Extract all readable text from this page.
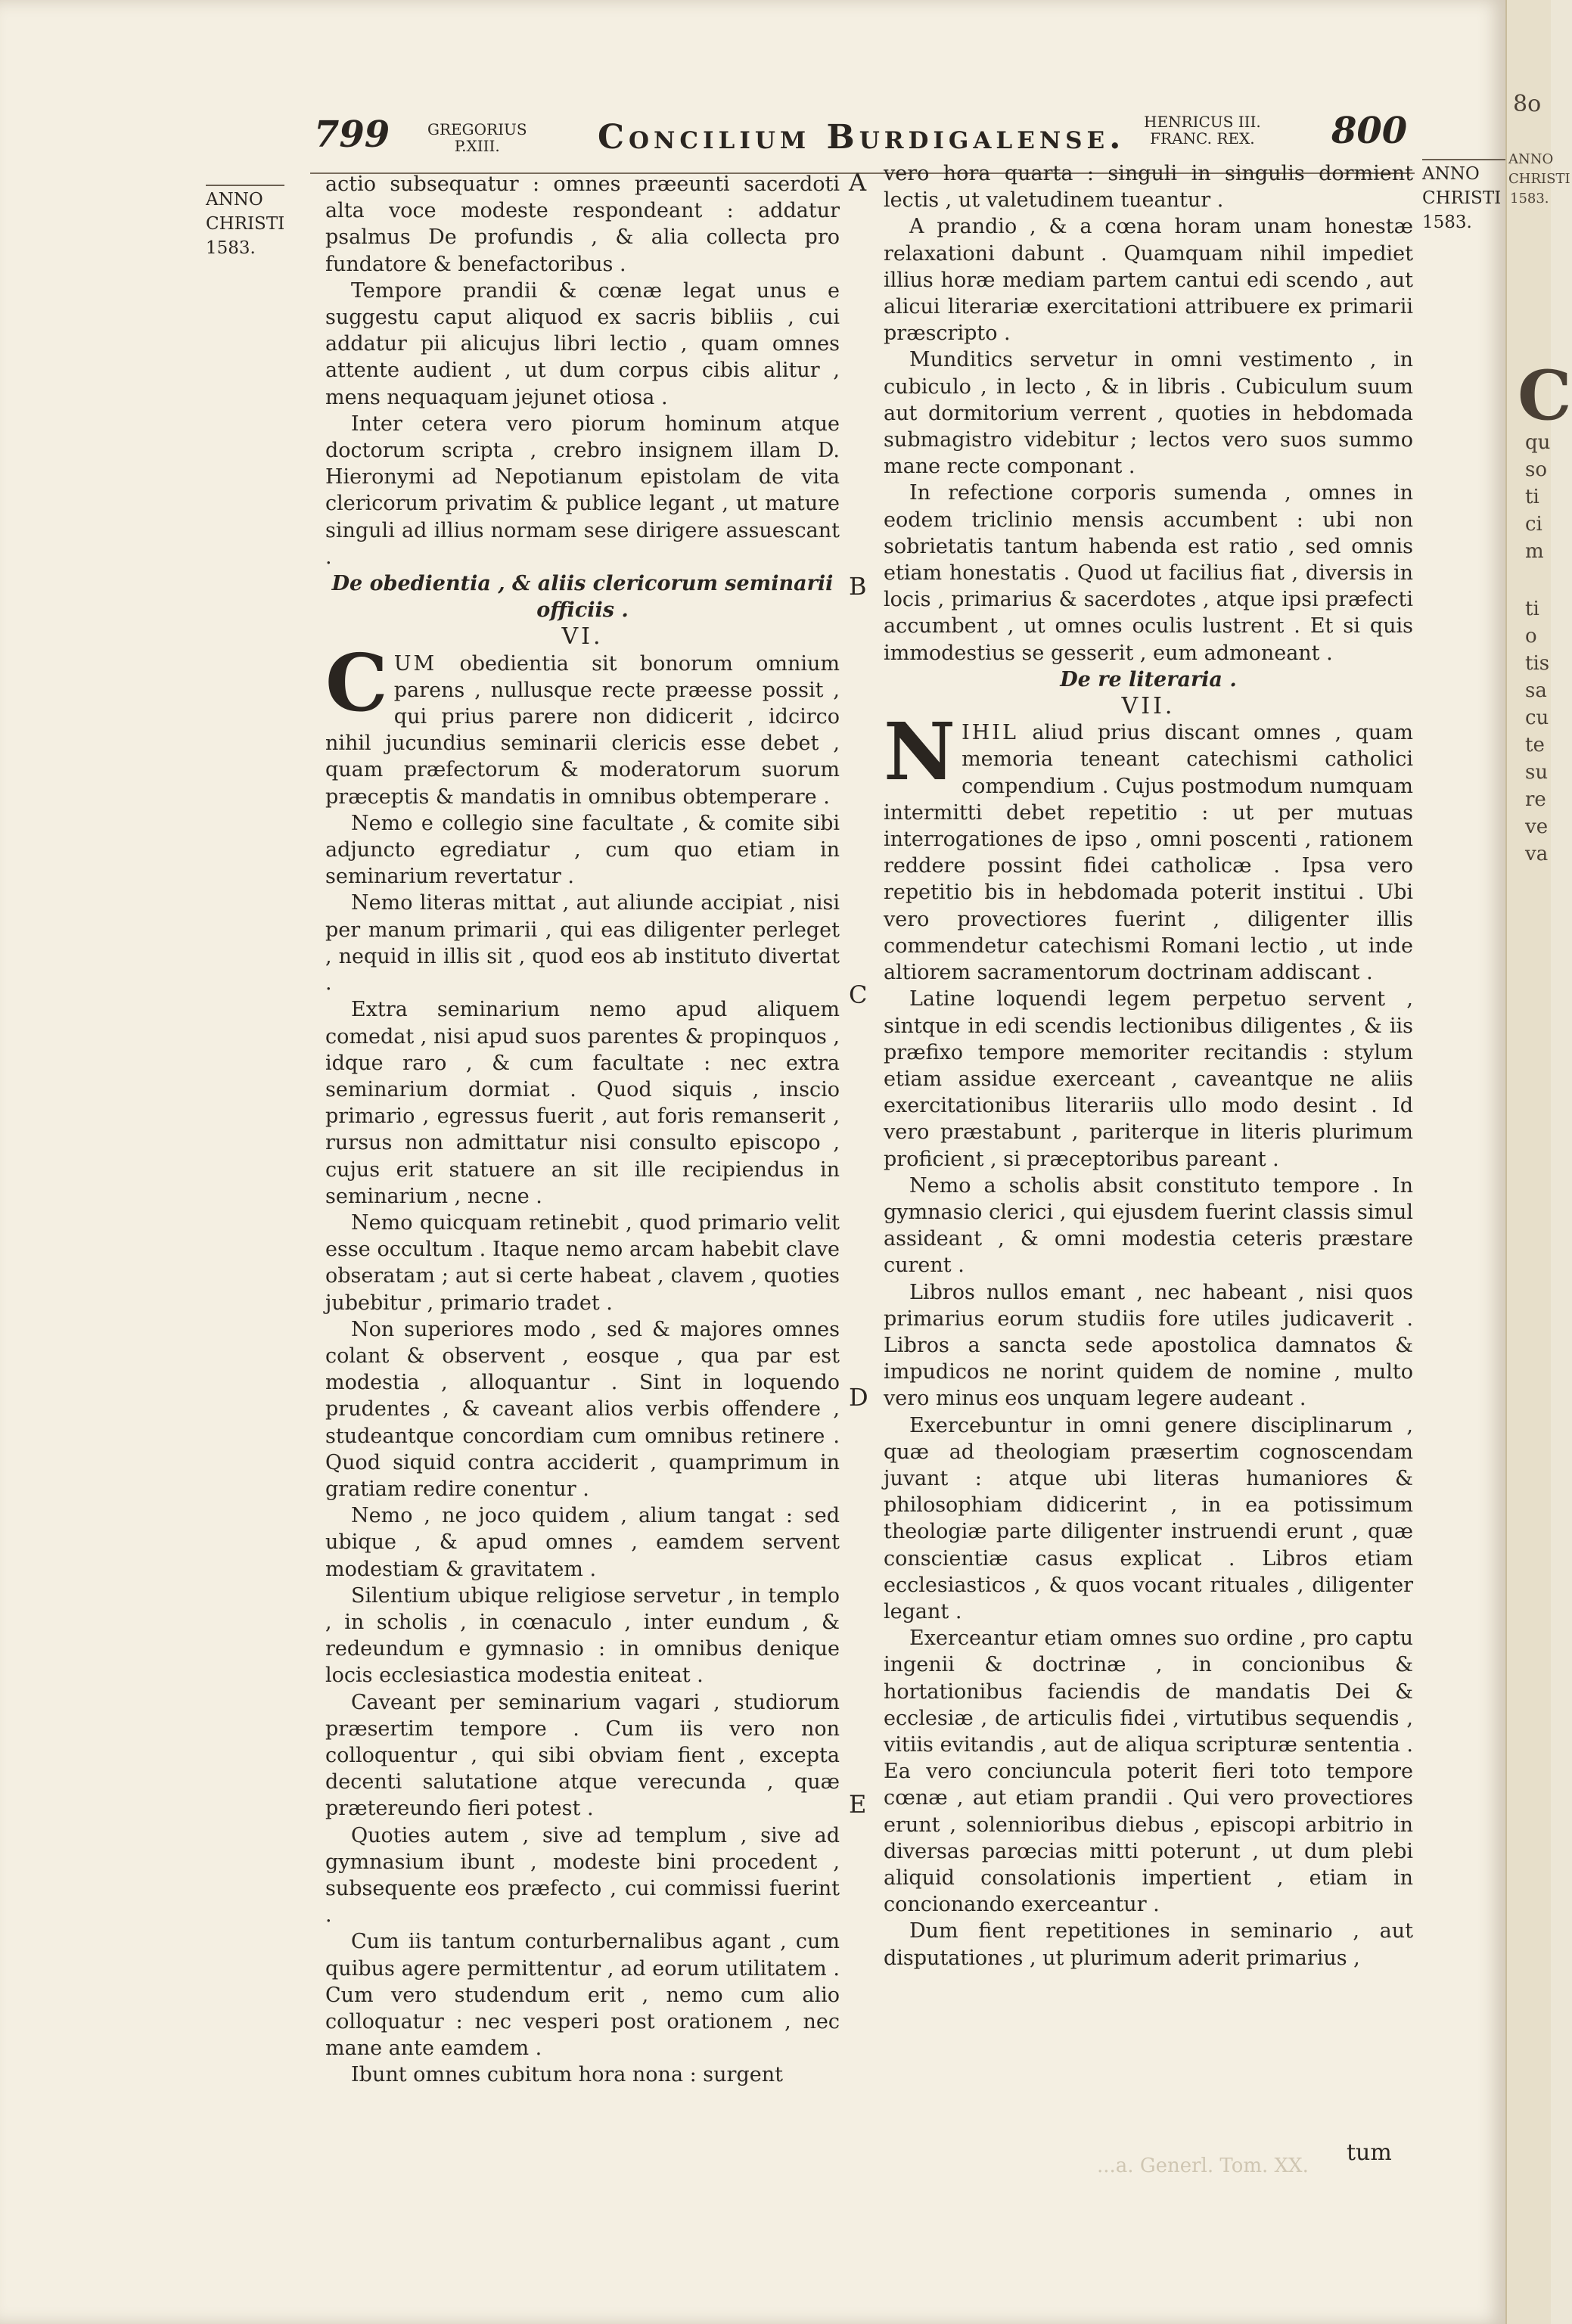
799 GREGORIUS
P.XIII.	Concilium Burdigalense. HENRICUS III.
FRANC. REX. 800
ANNO
CHRISTI
1583.
ANNO
CHRISTI
1583.
A
B
C
D
E

actio subsequatur : omnes præeunti sacerdoti alta voce modeste respondeant : addatur psalmus De profundis , & alia collecta pro fundatore & benefactoribus .

Tempore prandii & cœnæ legat unus e suggestu caput aliquod ex sacris bibliis , cui addatur pii alicujus libri lectio , quam omnes attente audient , ut dum corpus cibis alitur , mens nequaquam jejunet otiosa .

Inter cetera vero piorum hominum atque doctorum scripta , crebro insignem illam D. Hieronymi ad Nepotianum epistolam de vita clericorum privatim & publice legant , ut mature singuli ad illius normam sese dirigere assuescant .

De obedientia , & aliis clericorum seminarii officiis .

VI.

CUM obedientia sit bonorum omnium parens , nullusque recte præesse possit , qui prius parere non didicerit , idcirco nihil jucundius seminarii clericis esse debet , quam præfectorum & moderatorum suorum præceptis & mandatis in omnibus obtemperare .

Nemo e collegio sine facultate , & comite sibi adjuncto egrediatur , cum quo etiam in seminarium revertatur .

Nemo literas mittat , aut aliunde accipiat , nisi per manum primarii , qui eas diligenter perleget , nequid in illis sit , quod eos ab instituto divertat .

Extra seminarium nemo apud aliquem comedat , nisi apud suos parentes & propinquos , idque raro , & cum facultate : nec extra seminarium dormiat . Quod siquis , inscio primario , egressus fuerit , aut foris remanserit , rursus non admittatur nisi consulto episcopo , cujus erit statuere an sit ille recipiendus in seminarium , necne .

Nemo quicquam retinebit , quod primario velit esse occultum . Itaque nemo arcam habebit clave obseratam ; aut si certe habeat , clavem , quoties jubebitur , primario tradet .

Non superiores modo , sed & majores omnes colant & observent , eosque , qua par est modestia , alloquantur . Sint in loquendo prudentes , & caveant alios verbis offendere , studeantque concordiam cum omnibus retinere . Quod siquid contra acciderit , quamprimum in gratiam redire conentur .

Nemo , ne joco quidem , alium tangat : sed ubique , & apud omnes , eamdem servent modestiam & gravitatem .

Silentium ubique religiose servetur , in templo , in scholis , in cœnaculo , inter eundum , & redeundum e gymnasio : in omnibus denique locis ecclesiastica modestia eniteat .

Caveant per seminarium vagari , studiorum præsertim tempore . Cum iis vero non colloquentur , qui sibi obviam fient , excepta decenti salutatione atque verecunda , quæ prætereundo fieri potest .

Quoties autem , sive ad templum , sive ad gymnasium ibunt , modeste bini procedent , subsequente eos præfecto , cui commissi fuerint .

Cum iis tantum conturbernalibus agant , cum quibus agere permittentur , ad eorum utilitatem . Cum vero studendum erit , nemo cum alio colloquatur : nec vesperi post orationem , nec mane ante eamdem .

Ibunt omnes cubitum hora nona : surgent

vero hora quarta : singuli in singulis dormient lectis , ut valetudinem tueantur .

A prandio , & a cœna horam unam honestæ relaxationi dabunt . Quamquam nihil impediet illius horæ mediam partem cantui edi scendo , aut alicui literariæ exercitationi attribuere ex primarii præscripto .

Munditics servetur in omni vestimento , in cubiculo , in lecto , & in libris . Cubiculum suum aut dormitorium verrent , quoties in hebdomada submagistro videbitur ; lectos vero suos summo mane recte componant .

In refectione corporis sumenda , omnes in eodem triclinio mensis accumbent : ubi non sobrietatis tantum habenda est ratio , sed omnis etiam honestatis . Quod ut facilius fiat , diversis in locis , primarius & sacerdotes , atque ipsi præfecti accumbent , ut omnes oculis lustrent . Et si quis immodestius se gesserit , eum admoneant .

De re literaria .

VII.

NIHIL aliud prius discant omnes , quam memoria teneant catechismi catholici compendium . Cujus postmodum numquam intermitti debet repetitio : ut per mutuas interrogationes de ipso , omni poscenti , rationem reddere possint fidei catholicæ . Ipsa vero repetitio bis in hebdomada poterit institui . Ubi vero provectiores fuerint , diligenter illis commendetur catechismi Romani lectio , ut inde altiorem sacramentorum doctrinam addiscant .

Latine loquendi legem perpetuo servent , sintque in edi scendis lectionibus diligentes , & iis præfixo tempore memoriter recitandis : stylum etiam assidue exerceant , caveantque ne aliis exercitationibus literariis ullo modo desint . Id vero præstabunt , pariterque in literis plurimum proficient , si præceptoribus pareant .

Nemo a scholis absit constituto tempore . In gymnasio clerici , qui ejusdem fuerint classis simul assideant , & omni modestia ceteris præstare curent .

Libros nullos emant , nec habeant , nisi quos primarius eorum studiis fore utiles judicaverit . Libros a sancta sede apostolica damnatos & impudicos ne norint quidem de nomine , multo vero minus eos unquam legere audeant .

Exercebuntur in omni genere disciplinarum , quæ ad theologiam præsertim cognoscendam juvant : atque ubi literas humaniores & philosophiam didicerint , in ea potissimum theologiæ parte diligenter instruendi erunt , quæ conscientiæ casus explicat . Libros etiam ecclesiasticos , & quos vocant rituales , diligenter legant .

Exerceantur etiam omnes suo ordine , pro captu ingenii & doctrinæ , in concionibus & hortationibus faciendis de mandatis Dei & ecclesiæ , de articulis fidei , virtutibus sequendis , vitiis evitandis , aut de aliqua scripturæ sententia . Ea vero conciuncula poterit fieri toto tempore cœnæ , aut etiam prandii . Qui vero provectiores erunt , solennioribus diebus , episcopi arbitrio in diversas parœcias mitti poterunt , ut dum plebi aliquid consolationis impertient , etiam in concionando exerceantur .

Dum fient repetitiones in seminario , aut disputationes , ut plurimum aderit primarius ,

...a. Generl. Tom. XX. tum
8o
ANNO
CHRISTI
1583.
C
qu
so
ti
ci
m
ti
o
tis
sa
cu
te
su
re
ve
va
